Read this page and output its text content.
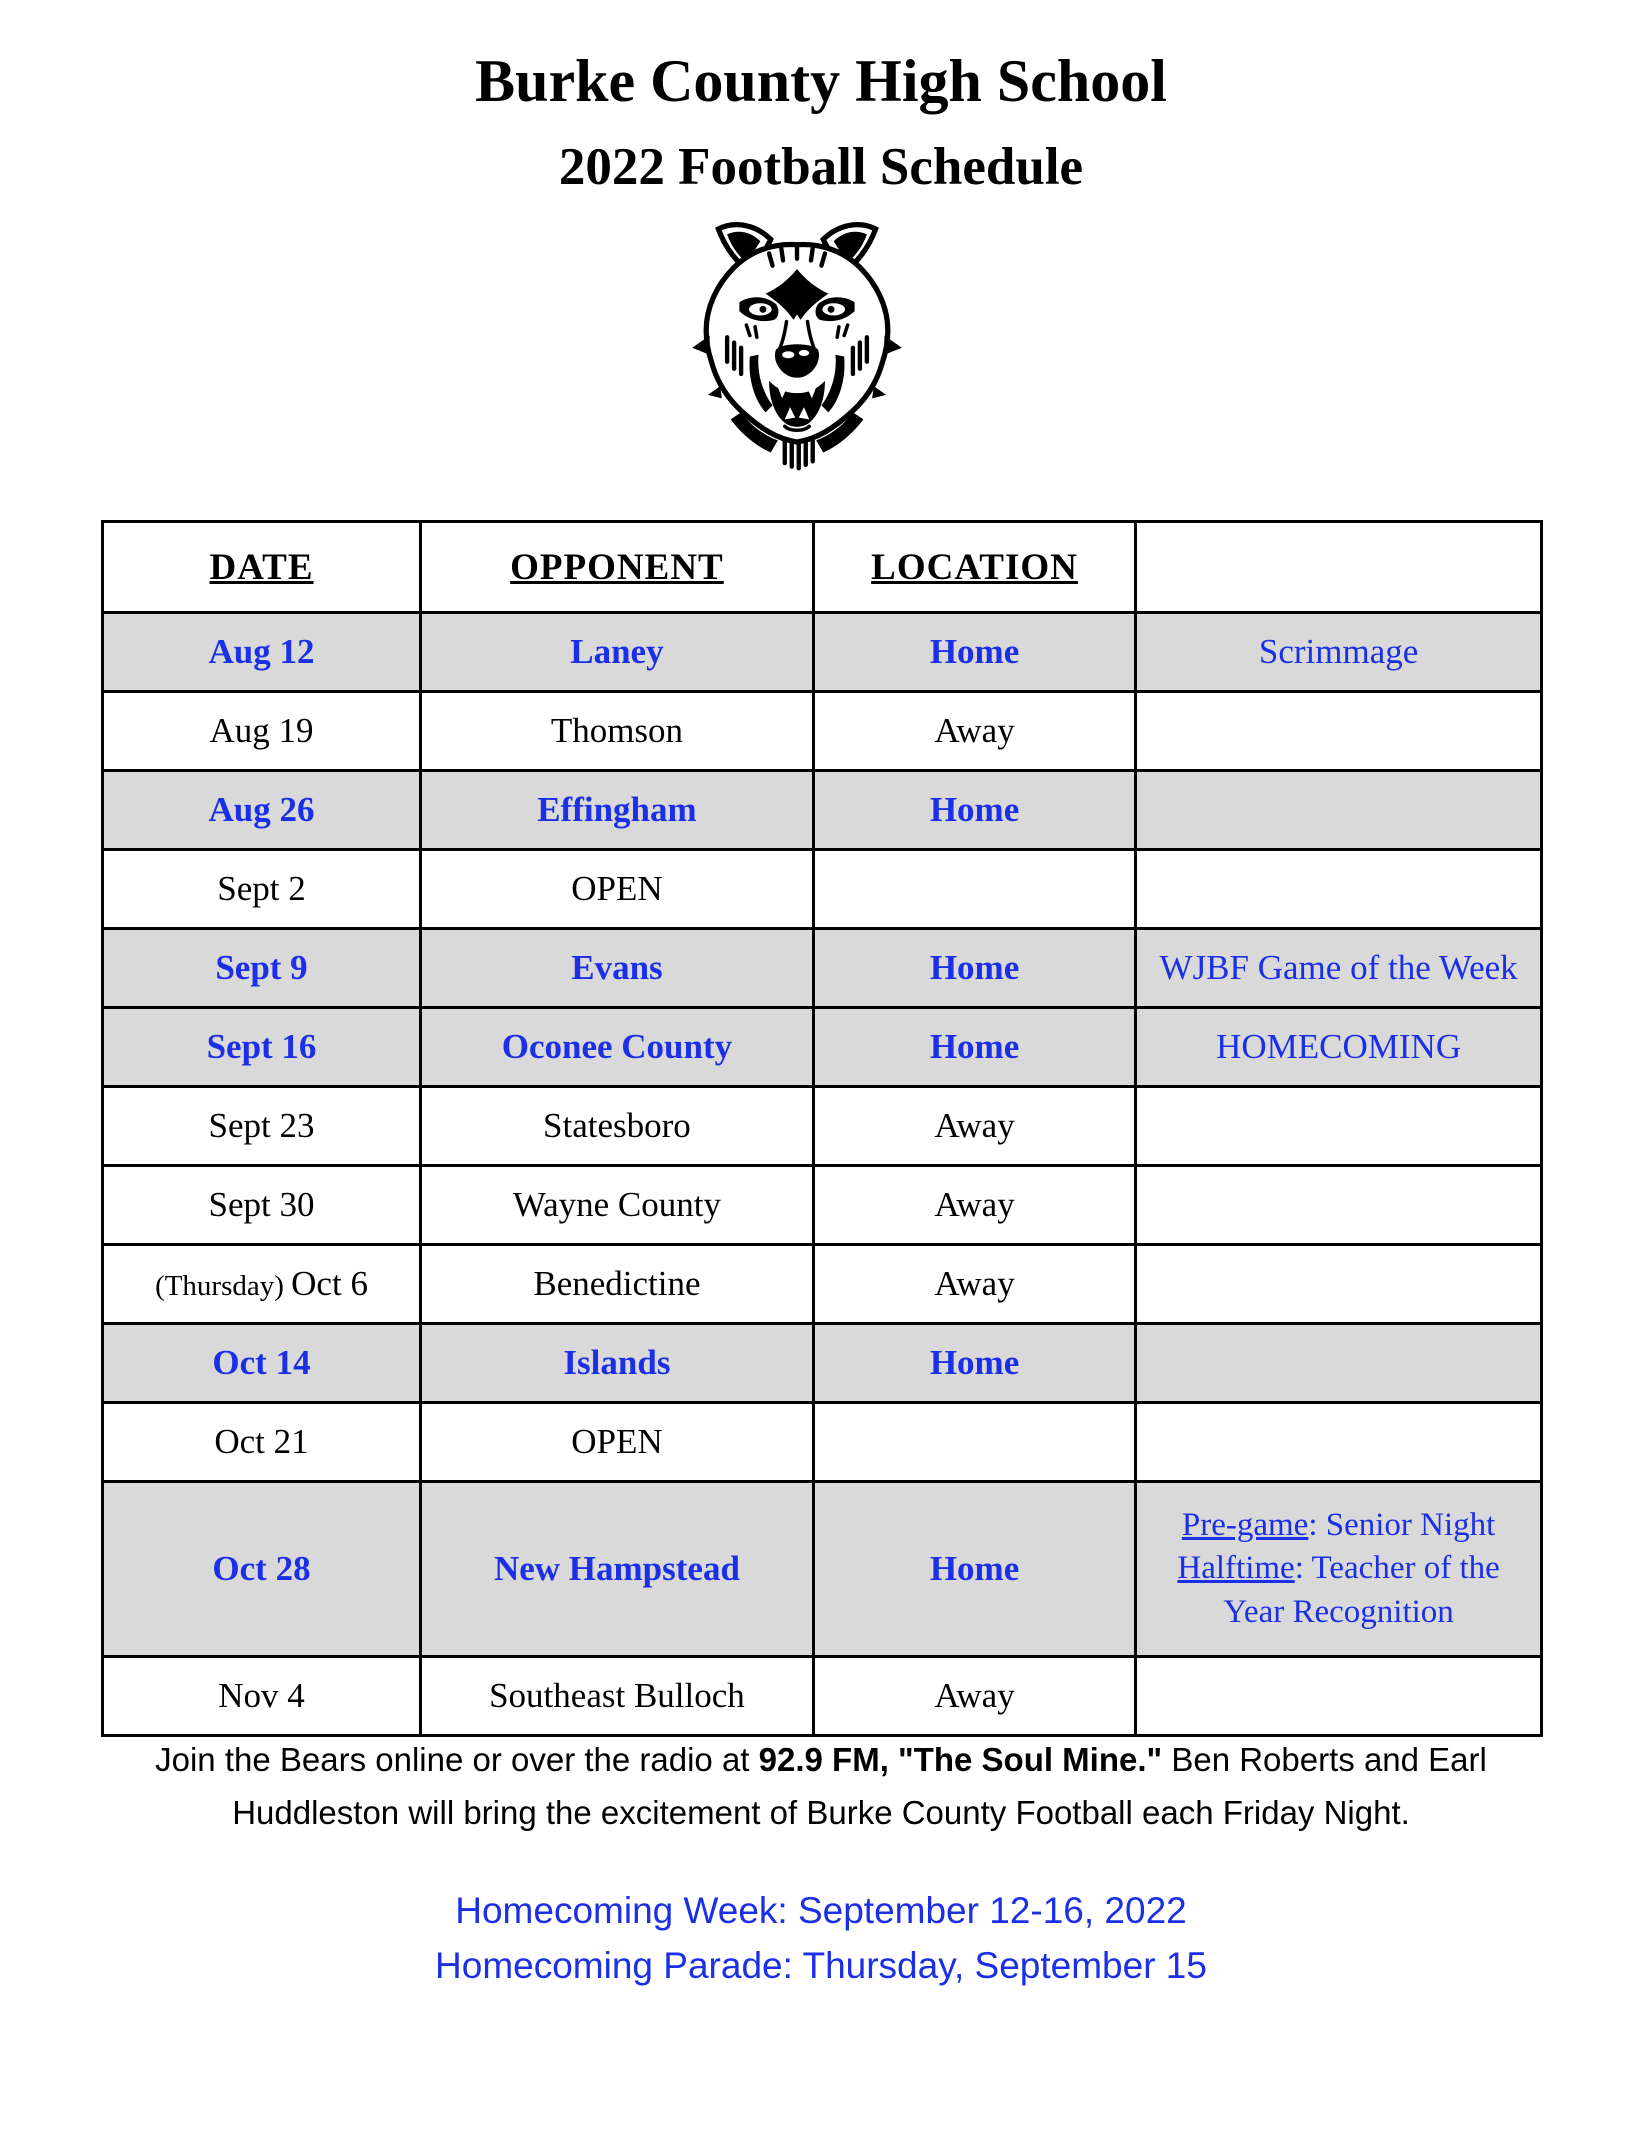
Burke County High School
2022 Football Schedule
DATE	OPPONENT	LOCATION	
Aug 12	Laney	Home	Scrimmage
Aug 19	Thomson	Away	
Aug 26	Effingham	Home	
Sept 2	OPEN		
Sept 9	Evans	Home	WJBF Game of the Week
Sept 16	Oconee County	Home	HOMECOMING
Sept 23	Statesboro	Away	
Sept 30	Wayne County	Away	
(Thursday) Oct 6	Benedictine	Away	
Oct 14	Islands	Home	
Oct 21	OPEN		
Oct 28	New Hampstead	Home	Pre-game: Senior Night
Halftime: Teacher of the Year Recognition

Nov 4	Southeast Bulloch	Away	
Join the Bears online or over the radio at 92.9 FM, "The Soul Mine." Ben Roberts and Earl Huddleston will bring the excitement of Burke County Football each Friday Night.
Homecoming Week: September 12-16, 2022
Homecoming Parade: Thursday, September 15
